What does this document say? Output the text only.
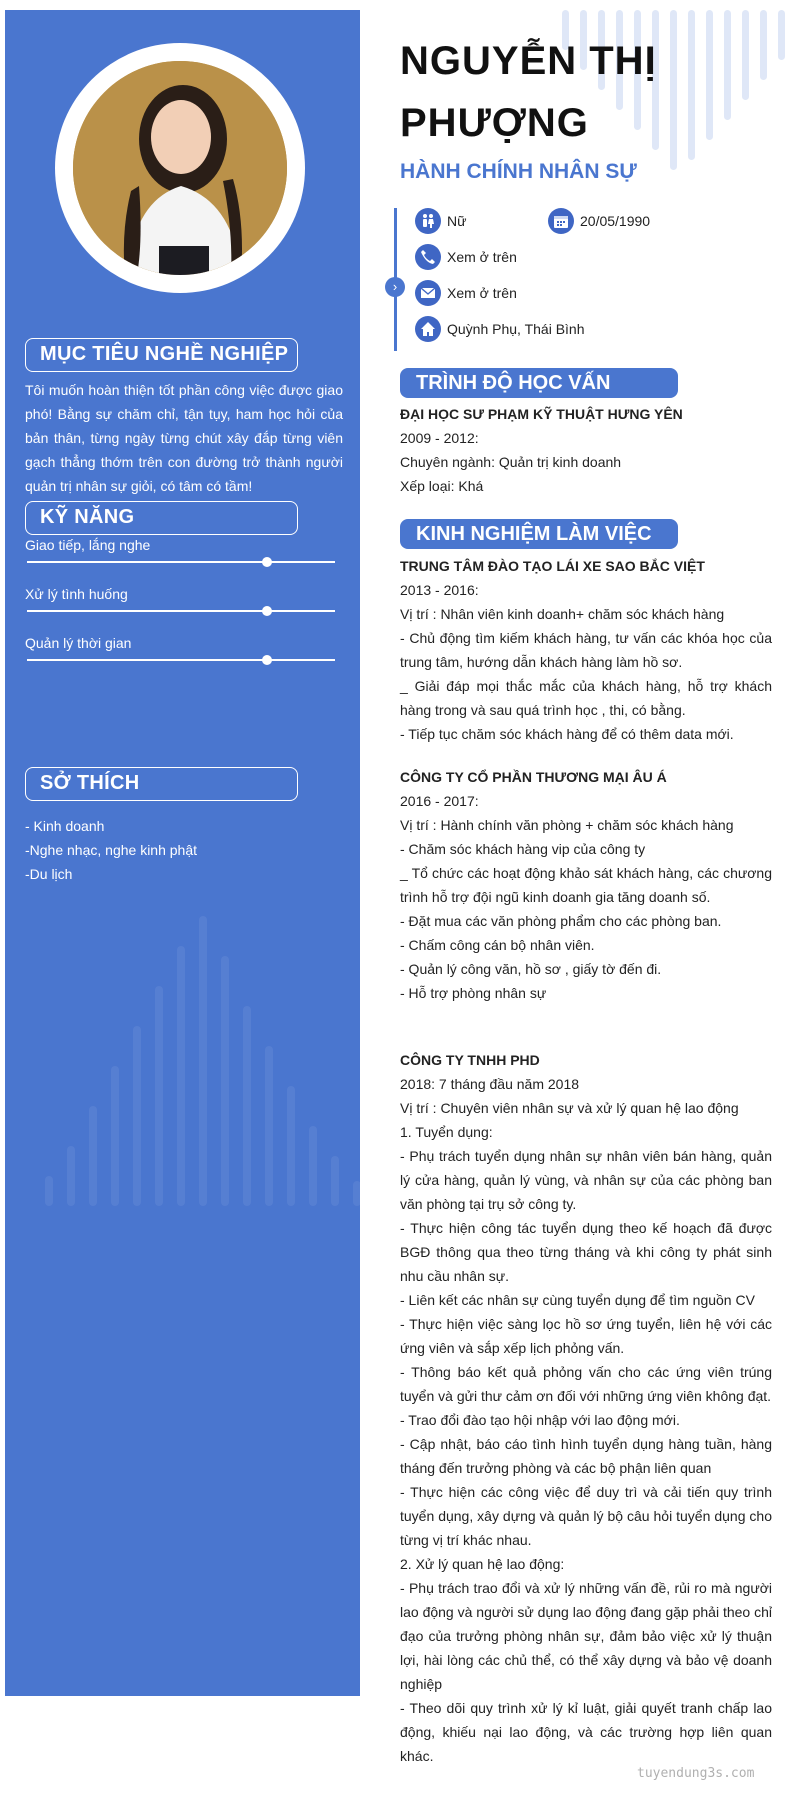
MỤC TIÊU NGHỀ NGHIỆP
Tôi muốn hoàn thiện tốt phần công việc được giao phó! Bằng sự chăm chỉ, tận tụy, ham học hỏi của bản thân, từng ngày từng chút xây đắp từng viên gạch thẳng thớm trên con đường trở thành người quản trị nhân sự giỏi, có tâm có tầm!
KỸ NĂNG
Giao tiếp, lắng nghe
Xử lý tình huống
Quản lý thời gian
SỞ THÍCH
- Kinh doanh
-Nghe nhạc, nghe kinh phật
-Du lịch
NGUYỄN THỊ PHƯỢNG
HÀNH CHÍNH NHÂN SỰ
›
Nữ	20/05/1990
Xem ở trên
Xem ở trên
Quỳnh Phụ, Thái Bình
TRÌNH ĐỘ HỌC VẤN

ĐẠI HỌC SƯ PHẠM KỸ THUẬT HƯNG YÊN

2009 - 2012:

Chuyên ngành: Quản trị kinh doanh

Xếp loại: Khá

KINH NGHIỆM LÀM VIỆC

TRUNG TÂM ĐÀO TẠO LÁI XE SAO BẮC VIỆT

2013 - 2016:

Vị trí : Nhân viên kinh doanh+ chăm sóc khách hàng

- Chủ động tìm kiếm khách hàng, tư vấn các khóa học của trung tâm, hướng dẫn khách hàng làm hồ sơ.

_ Giải đáp mọi thắc mắc của khách hàng, hỗ trợ khách hàng trong và sau quá trình học , thi, có bằng.

- Tiếp tục chăm sóc khách hàng để có thêm data mới.

CÔNG TY CỔ PHẦN THƯƠNG MẠI ÂU Á

2016 - 2017:

Vị trí : Hành chính văn phòng + chăm sóc khách hàng

- Chăm sóc khách hàng vip của công ty

_ Tổ chức các hoạt động khảo sát khách hàng, các chương trình hỗ trợ đội ngũ kinh doanh gia tăng doanh số.

- Đặt mua các văn phòng phẩm cho các phòng ban.

- Chấm công cán bộ nhân viên.

- Quản lý công văn, hồ sơ , giấy tờ đến đi.

- Hỗ trợ phòng nhân sự

CÔNG TY TNHH PHD

2018: 7 tháng đầu năm 2018

Vị trí : Chuyên viên nhân sự và xử lý quan hệ lao động

1. Tuyển dụng:

- Phụ trách tuyển dụng nhân sự nhân viên bán hàng, quản lý cửa hàng, quản lý vùng, và nhân sự của các phòng ban văn phòng tại trụ sở công ty.

- Thực hiện công tác tuyển dụng theo kế hoạch đã được BGĐ thông qua theo từng tháng và khi công ty phát sinh nhu cầu nhân sự.

- Liên kết các nhân sự cùng tuyển dụng để tìm nguồn CV

- Thực hiện việc sàng lọc hồ sơ ứng tuyển, liên hệ với các ứng viên và sắp xếp lịch phỏng vấn.

- Thông báo kết quả phỏng vấn cho các ứng viên trúng tuyển và gửi thư cảm ơn đối với những ứng viên không đạt.

- Trao đổi đào tạo hội nhập với lao động mới.

- Cập nhật, báo cáo tình hình tuyển dụng hàng tuần, hàng tháng đến trưởng phòng và các bộ phận liên quan

- Thực hiện các công việc để duy trì và cải tiến quy trình tuyển dụng, xây dựng và quản lý bộ câu hỏi tuyển dụng cho từng vị trí khác nhau.

2. Xử lý quan hệ lao động:

- Phụ trách trao đổi và xử lý những vấn đề, rủi ro mà người lao động và người sử dụng lao động đang gặp phải theo chỉ đạo của trưởng phòng nhân sự, đảm bảo việc xử lý thuận lợi, hài lòng các chủ thể, có thể xây dựng và bảo vệ doanh nghiệp

- Theo dõi quy trình xử lý kỉ luật, giải quyết tranh chấp lao động, khiếu nại lao động, và các trường hợp liên quan khác.

tuyendung3s.com
